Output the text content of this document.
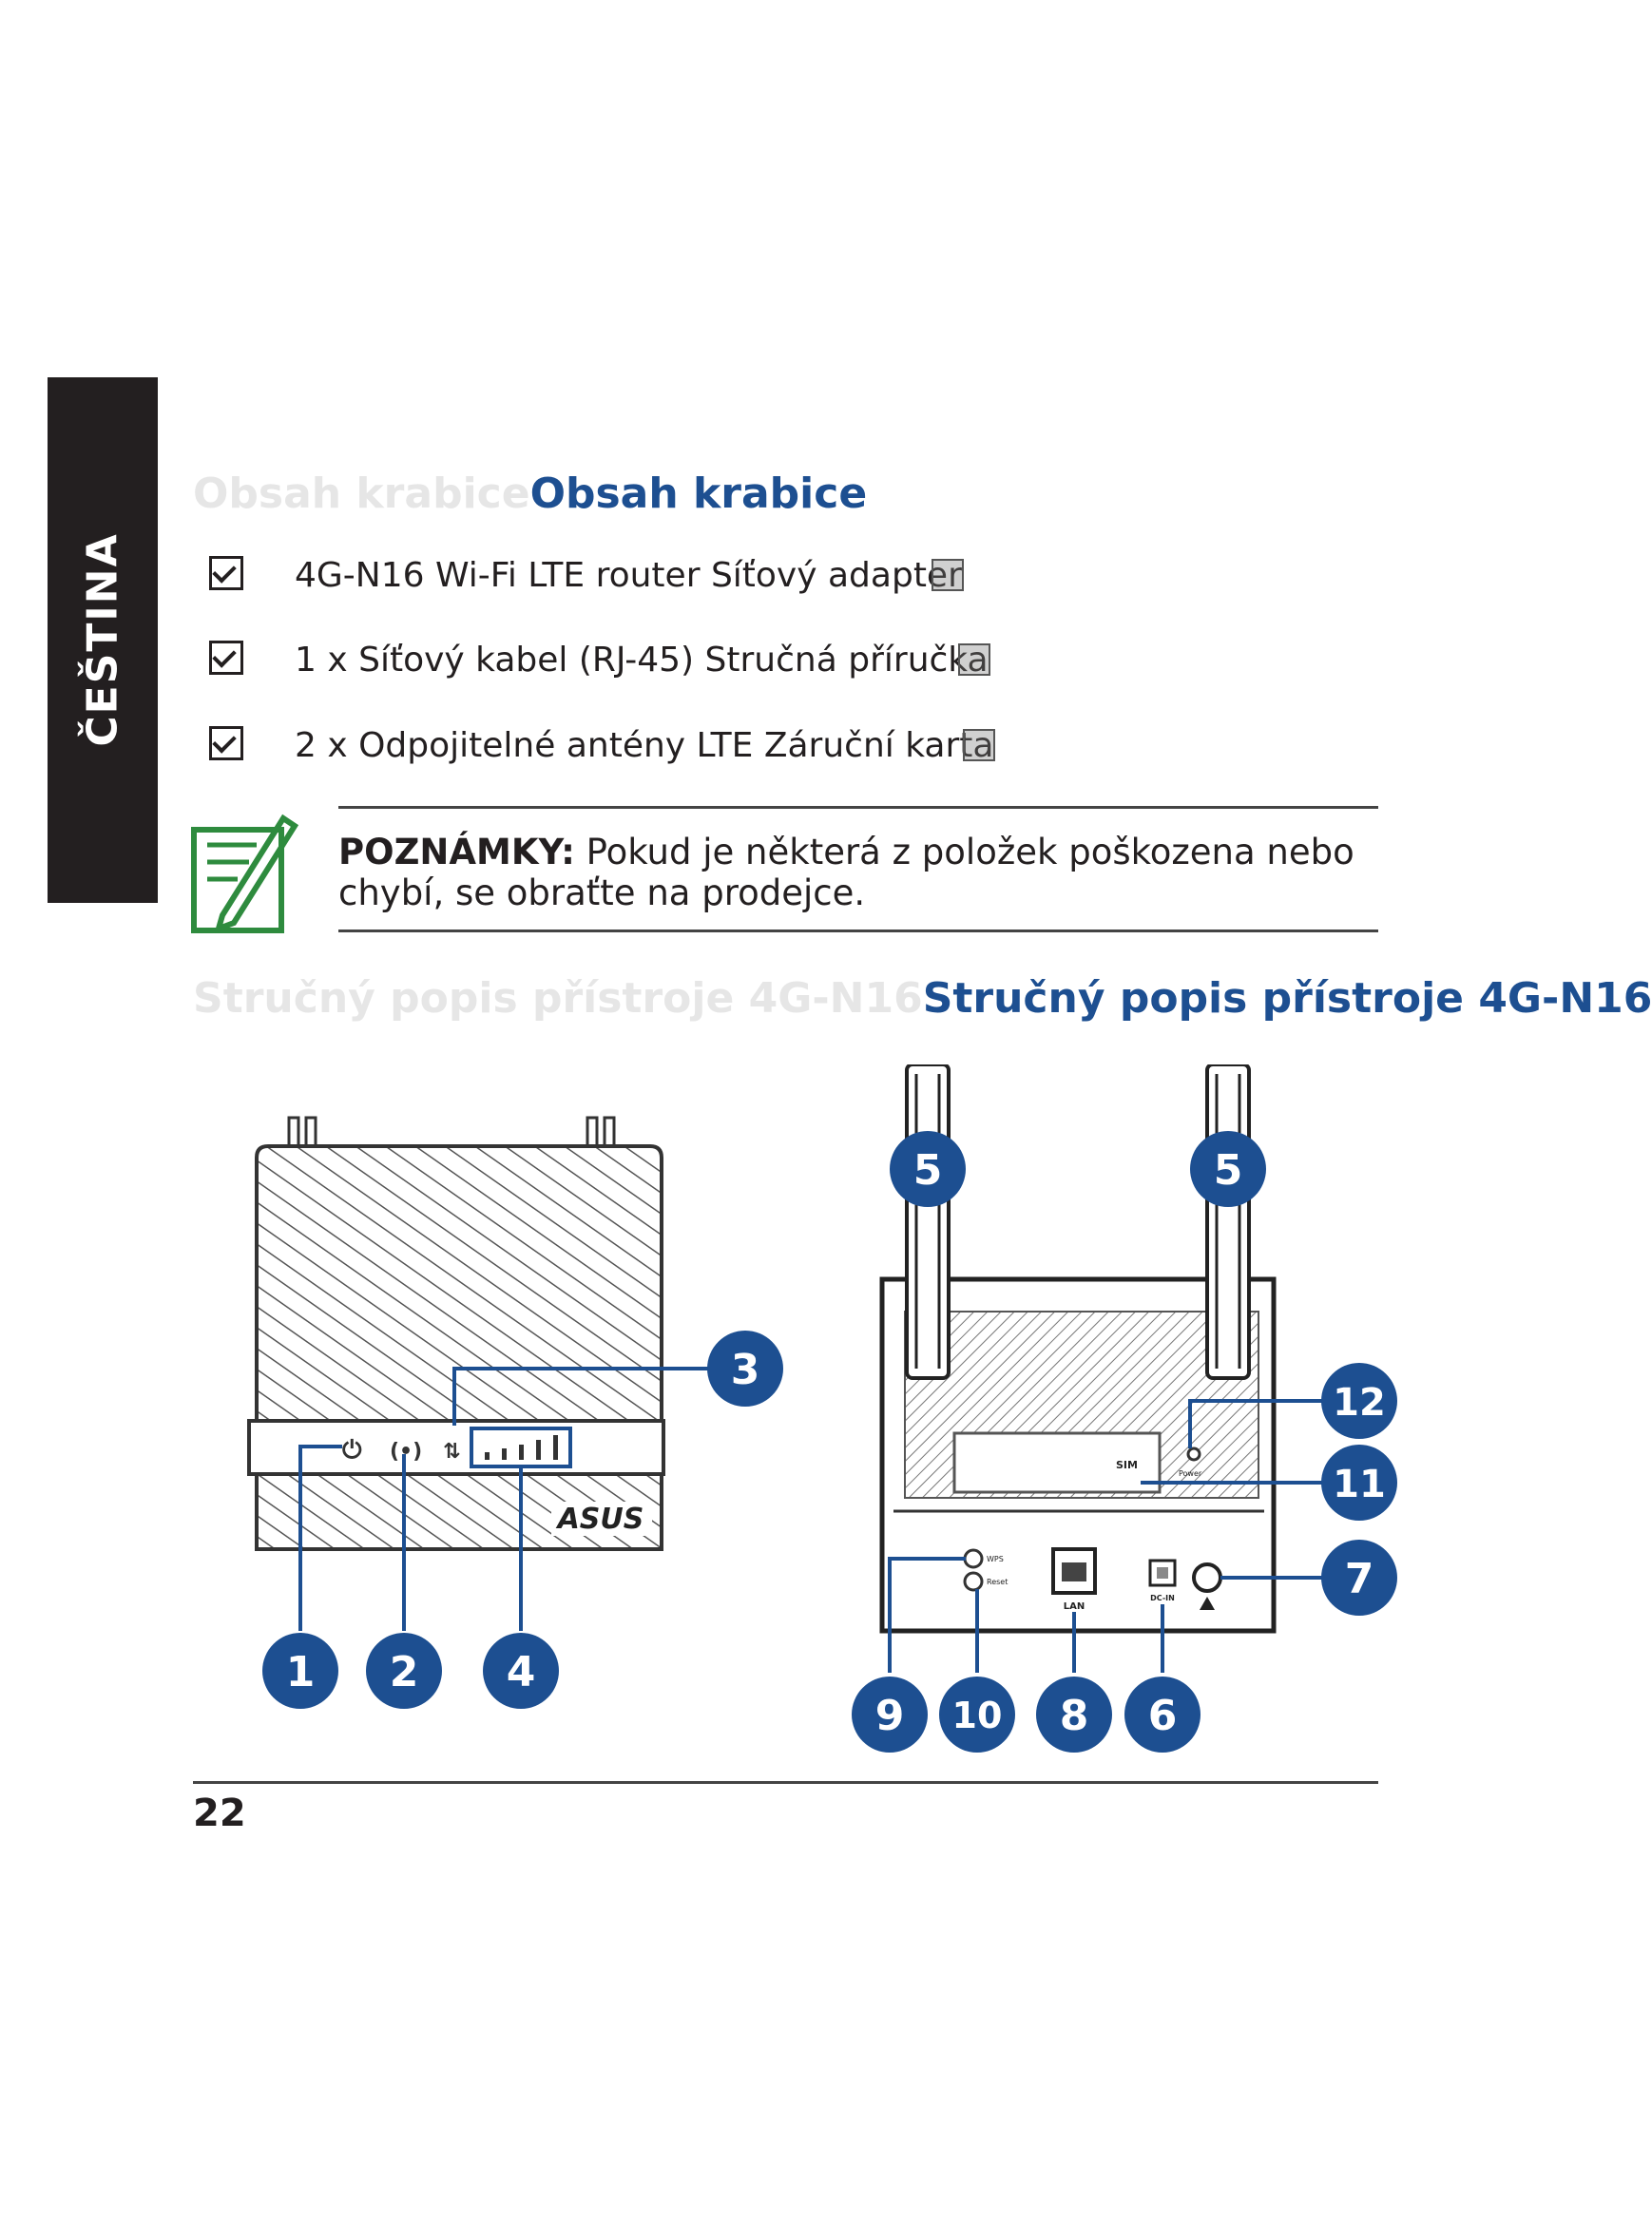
ČEŠTINA
Obsah krabiceObsah krabice
4G-N16 Wi-Fi LTE router Síťový adapter
1 x Síťový kabel (RJ-45) Stručná příručka
2 x Odpojitelné antény LTE Záruční karta
POZNÁMKY: Pokud je některá z položek poškozena nebo chybí, se obraťte na prodejce.
Stručný popis přístroje 4G-N16Stručný popis přístroje 4G-N16
⏻ (•) ⇅
ASUS
SIM
Power
WPS
Reset
LAN
DC-IN
1 2
3
4
5	5
6
7
8
9 10
11
12
22
